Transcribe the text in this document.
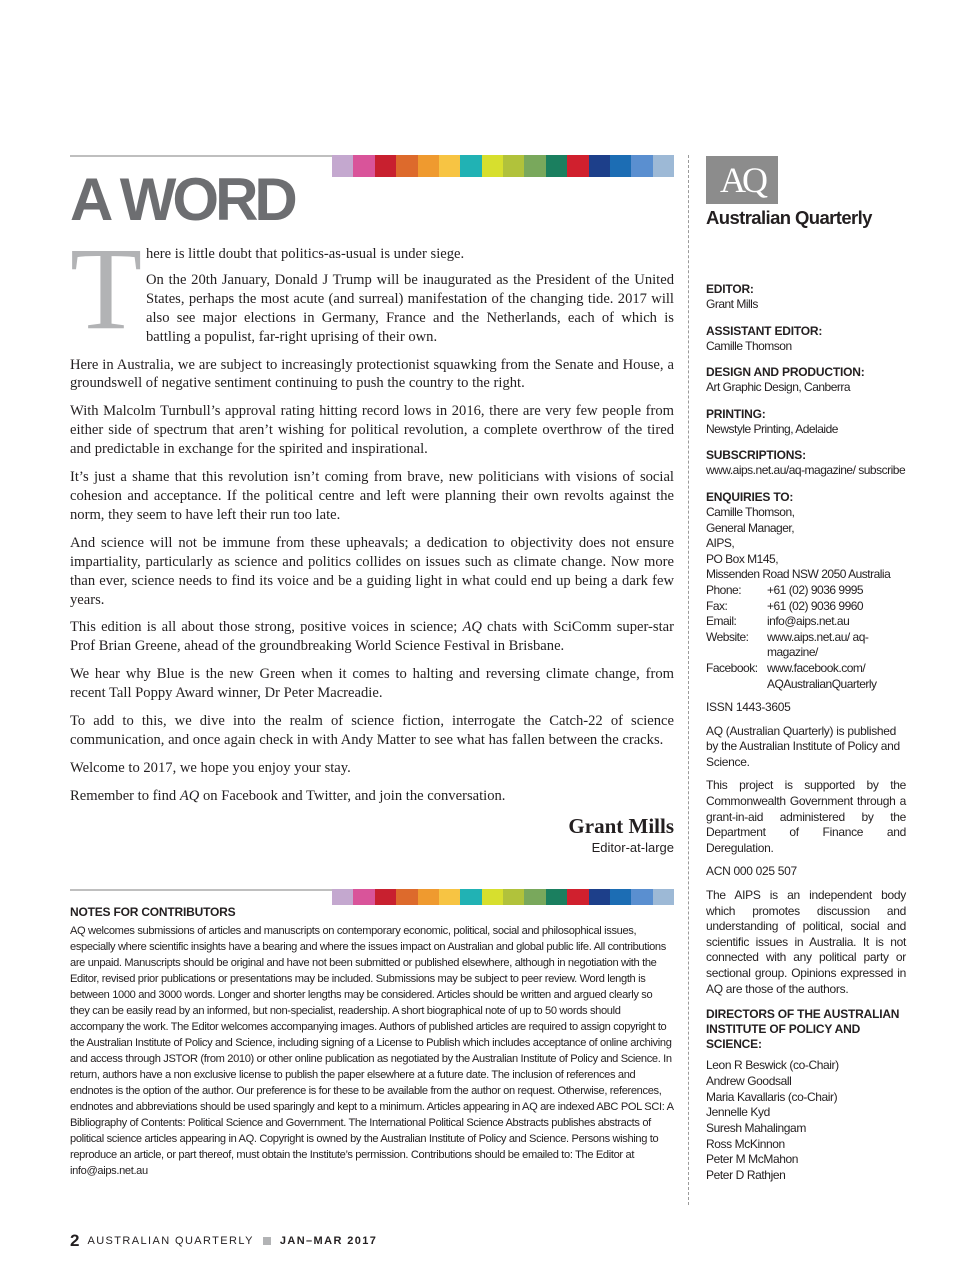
A WORD
T here is little doubt that politics-as-usual is under siege.

On the 20th January, Donald J Trump will be inaugurated as the President of the United States, perhaps the most acute (and surreal) manifestation of the changing tide. 2017 will also see major elections in Germany, France and the Netherlands, each of which is battling a populist, far-right uprising of their own.

Here in Australia, we are subject to increasingly protectionist squawking from the Senate and House, a groundswell of negative sentiment continuing to push the country to the right.

With Malcolm Turnbull’s approval rating hitting record lows in 2016, there are very few people from either side of spectrum that aren’t wishing for political revolution, a complete overthrow of the tired and predictable in exchange for the spirited and inspirational.

It’s just a shame that this revolution isn’t coming from brave, new politicians with visions of social cohesion and acceptance. If the political centre and left were planning their own revolts against the norm, they seem to have left their run too late.

And science will not be immune from these upheavals; a dedication to objectivity does not ensure impartiality, particularly as science and politics collides on issues such as climate change. Now more than ever, science needs to find its voice and be a guiding light in what could end up being a dark few years.

This edition is all about those strong, positive voices in science; AQ chats with SciComm super-star Prof Brian Greene, ahead of the groundbreaking World Science Festival in Brisbane.

We hear why Blue is the new Green when it comes to halting and reversing climate change, from recent Tall Poppy Award winner, Dr Peter Macreadie.

To add to this, we dive into the realm of science fiction, interrogate the Catch-22 of science communication, and once again check in with Andy Matter to see what has fallen between the cracks.

Welcome to 2017, we hope you enjoy your stay.

Remember to find AQ on Facebook and Twitter, and join the conversation.

Grant Mills
Editor-at-large
NOTES FOR CONTRIBUTORS

AQ welcomes submissions of articles and manuscripts on contemporary economic, political, social and philosophical issues, especially where scientific insights have a bearing and where the issues impact on Australian and global public life. All contributions are unpaid. Manuscripts should be original and have not been submitted or published elsewhere, although in negotiation with the Editor, revised prior publications or presentations may be included. Submissions may be subject to peer review. Word length is between 1000 and 3000 words. Longer and shorter lengths may be considered. Articles should be written and argued clearly so they can be easily read by an informed, but non-specialist, readership. A short biographical note of up to 50 words should accompany the work. The Editor welcomes accompanying images. Authors of published articles are required to assign copyright to the Australian Institute of Policy and Science, including signing of a License to Publish which includes acceptance of online archiving and access through JSTOR (from 2010) or other online publication as negotiated by the Australian Institute of Policy and Science. In return, authors have a non exclusive license to publish the paper elsewhere at a future date. The inclusion of references and endnotes is the option of the author. Our preference is for these to be available from the author on request. Otherwise, references, endnotes and abbreviations should be used sparingly and kept to a minimum. Articles appearing in AQ are indexed ABC POL SCI: A Bibliography of Contents: Political Science and Government. The International Political Science Abstracts publishes abstracts of political science articles appearing in AQ. Copyright is owned by the Australian Institute of Policy and Science. Persons wishing to reproduce an article, or part thereof, must obtain the Institute’s permission. Contributions should be emailed to: The Editor at info@aips.net.au

AQ
Australian Quarterly
EDITOR:
Grant Mills
ASSISTANT EDITOR:
Camille Thomson
DESIGN AND PRODUCTION:
Art Graphic Design, Canberra
PRINTING:
Newstyle Printing, Adelaide
SUBSCRIPTIONS:
www.aips.net.au/aq-magazine/ subscribe
ENQUIRIES TO:
Camille Thomson,
General Manager,
AIPS,
PO Box M145,
Missenden Road NSW 2050 Australia
Phone:	+61 (02) 9036 9995
Fax:	+61 (02) 9036 9960
Email:	info@aips.net.au
Website:	www.aips.net.au/ aq-magazine/
Facebook: www.facebook.com/ AQAustralianQuarterly
ISSN 1443-3605
AQ (Australian Quarterly) is published by the Australian Institute of Policy and Science.
This project is supported by the Commonwealth Government through a grant-in-aid administered by the Department of Finance and Deregulation.
ACN 000 025 507
The AIPS is an independent body which promotes discussion and understanding of political, social and scientific issues in Australia. It is not connected with any political party or sectional group. Opinions expressed in AQ are those of the authors.
DIRECTORS OF THE AUSTRALIAN INSTITUTE OF POLICY AND SCIENCE:
Leon R Beswick (co-Chair)
Andrew Goodsall
Maria Kavallaris (co-Chair)
Jennelle Kyd
Suresh Mahalingam
Ross McKinnon
Peter M McMahon
Peter D Rathjen
2 AUSTRALIAN QUARTERLY JAN–MAR 2017
